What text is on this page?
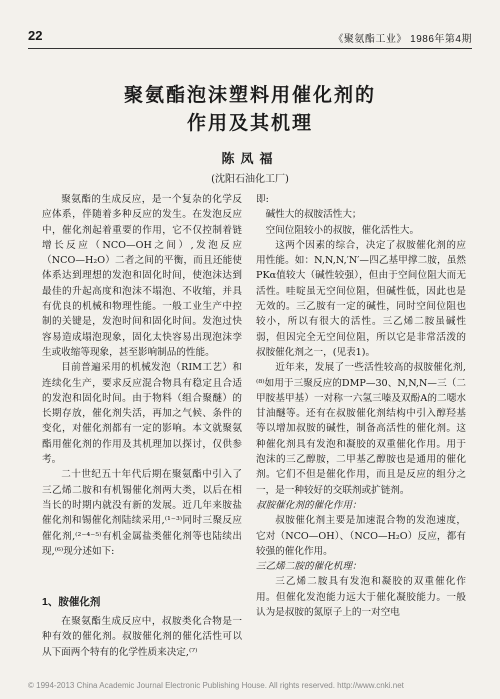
22	《聚氨酯工业》 1986年第4期
聚氨酯泡沫塑料用催化剂的
作用及其机理
陈凤福
(沈阳石油化工厂)

聚氨酯的生成反应，是一个复杂的化学反应体系，伴随着多种反应的发生。在发泡反应中，催化剂起着重要的作用，它不仅控制着链增长反应（NCO—OH之间）,发泡反应（NCO—H₂O）二者之间的平衡，而且还能使体系达到理想的发泡和固化时间，使泡沫达到最佳的升起高度和泡沫不塌泡、不收缩，并具有优良的机械和物理性能。一般工业生产中控制的关键是，发泡时间和固化时间。发泡过快容易造成塌泡现象，固化太快容易出现泡沫孪生或收缩等现象，甚至影响制品的性能。

目前普遍采用的机械发泡（RIM工艺）和连续化生产，要求反应混合物具有稳定且合适的发泡和固化时间。由于物料（组合聚醚）的长期存放，催化剂失活，再加之气候、条件的变化，对催化剂都有一定的影响。本文就聚氨酯用催化剂的作用及其机理加以探讨，仅供参考。

二十世纪五十年代后期在聚氨酯中引入了三乙烯二胺和有机锡催化剂两大类，以后在相当长的时期内就没有新的发展。近几年来胺盐催化剂和锡催化剂陆续采用,⁽¹⁻³⁾同时三聚反应催化剂,⁽²⁻⁴⁻⁵⁾有机金属盐类催化剂等也陆续出现,⁽⁶⁾现分述如下:

1、胺催化剂

在聚氨酯生成反应中，叔胺类化合物是一种有效的催化剂。叔胺催化剂的催化活性可以从下面两个特有的化学性质来决定,⁽⁷⁾

即:

碱性大的叔胺活性大；

空间位阻较小的叔胺，催化活性大。

这两个因素的综合，决定了叔胺催化剂的应用性能。如：N,N,N,′N′—四乙基甲撑二胺，虽然PKα值较大（碱性较强），但由于空间位阻大而无活性。哇啶虽无空间位阻，但碱性低，因此也是无效的。三乙胺有一定的碱性，同时空间位阻也较小，所以有很大的活性。三乙烯二胺虽碱性弱，但因完全无空间位阻，所以它是非常活泼的叔胺催化剂之一，(见表1)。

近年来，发展了一些活性较高的叔胺催化剂,⁽⁸⁾如用于三聚反应的DMP—30、N,N,N—三（二甲胺基甲基）一对称一六氢三嗪及双酚A的二噁水甘油醚等。还有在叔胺催化剂结构中引入醇羟基等以增加叔胺的碱性，制备高活性的催化剂。这种催化剂具有发泡和凝胶的双重催化作用。用于泡沫的三乙醇胺，二甲基乙醇胺也是通用的催化剂。它们不但是催化作用，而且是反应的组分之一，是一种较好的交联剂或扩链剂。

叔胺催化剂的催化作用：

叔胺催化剂主要是加速混合物的发泡速度，它对（NCO—OH）、（NCO—H₂O）反应，都有较强的催化作用。

三乙烯二胺的催化机理：

三乙烯二胺具有发泡和凝胶的双重催化作用。但催化发泡能力远大于催化凝胶能力。一般认为是叔胺的氮原子上的一对空电

© 1994-2013 China Academic Journal Electronic Publishing House. All rights reserved. http://www.cnki.net
